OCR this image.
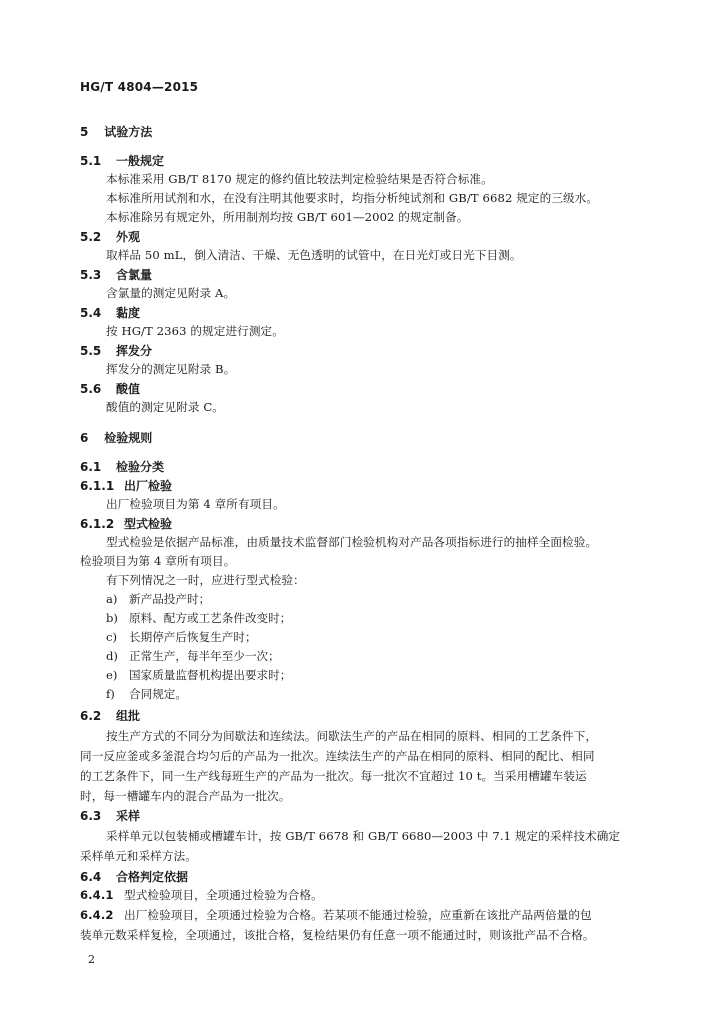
HG/T 4804—2015
5 试验方法
5.1 一般规定
本标准采用 GB/T 8170 规定的修约值比较法判定检验结果是否符合标准。
本标准所用试剂和水，在没有注明其他要求时，均指分析纯试剂和 GB/T 6682 规定的三级水。
本标准除另有规定外，所用制剂均按 GB/T 601—2002 的规定制备。
5.2 外观
取样品 50 mL，倒入清洁、干燥、无色透明的试管中，在日光灯或日光下目测。
5.3 含氯量
含氯量的测定见附录 A。
5.4 黏度
按 HG/T 2363 的规定进行测定。
5.5 挥发分
挥发分的测定见附录 B。
5.6 酸值
酸值的测定见附录 C。
6 检验规则
6.1 检验分类
6.1.1 出厂检验
出厂检验项目为第 4 章所有项目。
6.1.2 型式检验
型式检验是依据产品标准，由质量技术监督部门检验机构对产品各项指标进行的抽样全面检验。
检验项目为第 4 章所有项目。
有下列情况之一时，应进行型式检验：
a) 新产品投产时；
b) 原料、配方或工艺条件改变时；
c) 长期停产后恢复生产时；
d) 正常生产，每半年至少一次；
e) 国家质量监督机构提出要求时；
f) 合同规定。
6.2 组批
按生产方式的不同分为间歇法和连续法。间歇法生产的产品在相同的原料、相同的工艺条件下，
同一反应釜或多釜混合均匀后的产品为一批次。连续法生产的产品在相同的原料、相同的配比、相同
的工艺条件下，同一生产线每班生产的产品为一批次。每一批次不宜超过 10 t。当采用槽罐车装运
时，每一槽罐车内的混合产品为一批次。
6.3 采样
采样单元以包装桶或槽罐车计，按 GB/T 6678 和 GB/T 6680—2003 中 7.1 规定的采样技术确定
采样单元和采样方法。
6.4 合格判定依据
6.4.1 型式检验项目，全项通过检验为合格。
6.4.2 出厂检验项目，全项通过检验为合格。若某项不能通过检验，应重新在该批产品两倍量的包
装单元数采样复检，全项通过，该批合格，复检结果仍有任意一项不能通过时，则该批产品不合格。
2
